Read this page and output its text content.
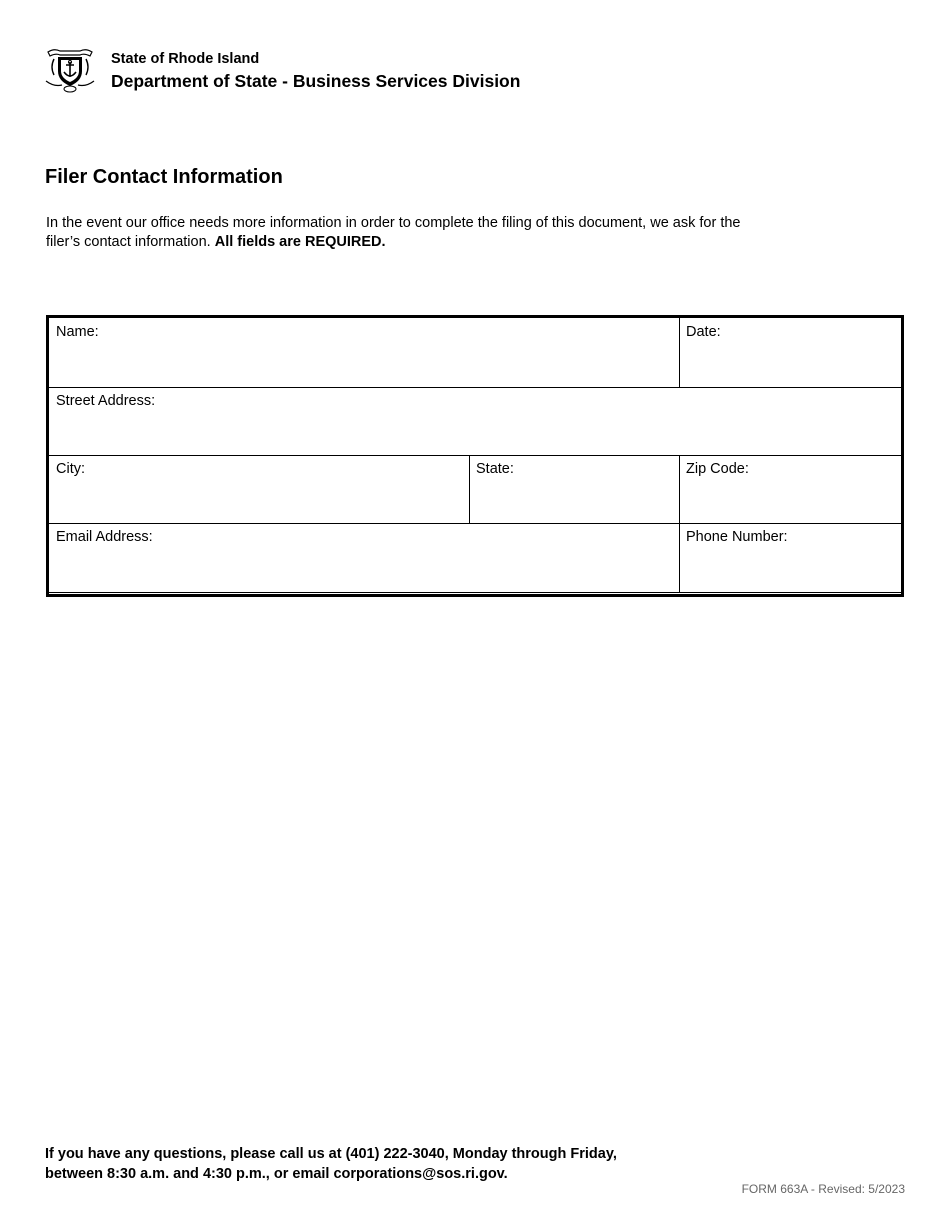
State of Rhode Island
Department of State - Business Services Division
Filer Contact Information
In the event our office needs more information in order to complete the filing of this document, we ask for the
filer’s contact information. All fields are REQUIRED.
Name:	Date:
Street Address:
City:	State:	Zip Code:
Email Address:	Phone Number:
If you have any questions, please call us at (401) 222-3040, Monday through Friday,
between 8:30 a.m. and 4:30 p.m., or email corporations@sos.ri.gov.
FORM 663A - Revised: 5/2023
